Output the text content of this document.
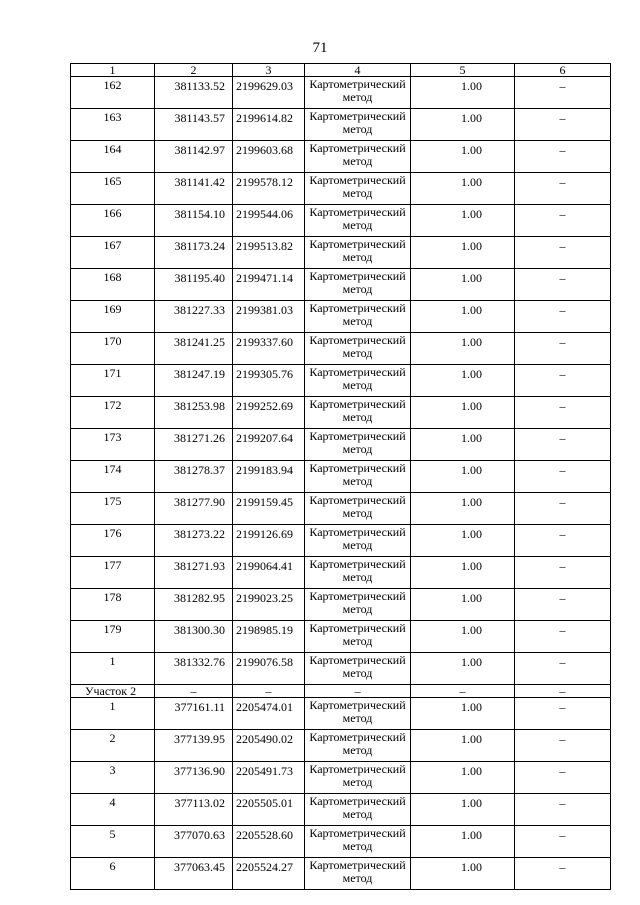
71
1	2	3	4	5	6
162	381133.52	2199629.03	Картометрический метод	1.00	–
163	381143.57	2199614.82	Картометрический метод	1.00	–
164	381142.97	2199603.68	Картометрический метод	1.00	–
165	381141.42	2199578.12	Картометрический метод	1.00	–
166	381154.10	2199544.06	Картометрический метод	1.00	–
167	381173.24	2199513.82	Картометрический метод	1.00	–
168	381195.40	2199471.14	Картометрический метод	1.00	–
169	381227.33	2199381.03	Картометрический метод	1.00	–
170	381241.25	2199337.60	Картометрический метод	1.00	–
171	381247.19	2199305.76	Картометрический метод	1.00	–
172	381253.98	2199252.69	Картометрический метод	1.00	–
173	381271.26	2199207.64	Картометрический метод	1.00	–
174	381278.37	2199183.94	Картометрический метод	1.00	–
175	381277.90	2199159.45	Картометрический метод	1.00	–
176	381273.22	2199126.69	Картометрический метод	1.00	–
177	381271.93	2199064.41	Картометрический метод	1.00	–
178	381282.95	2199023.25	Картометрический метод	1.00	–
179	381300.30	2198985.19	Картометрический метод	1.00	–
1	381332.76	2199076.58	Картометрический метод	1.00	–
Участок 2	–	–	–	–	–
1	377161.11	2205474.01	Картометрический метод	1.00	–
2	377139.95	2205490.02	Картометрический метод	1.00	–
3	377136.90	2205491.73	Картометрический метод	1.00	–
4	377113.02	2205505.01	Картометрический метод	1.00	–
5	377070.63	2205528.60	Картометрический метод	1.00	–
6	377063.45	2205524.27	Картометрический метод	1.00	–
